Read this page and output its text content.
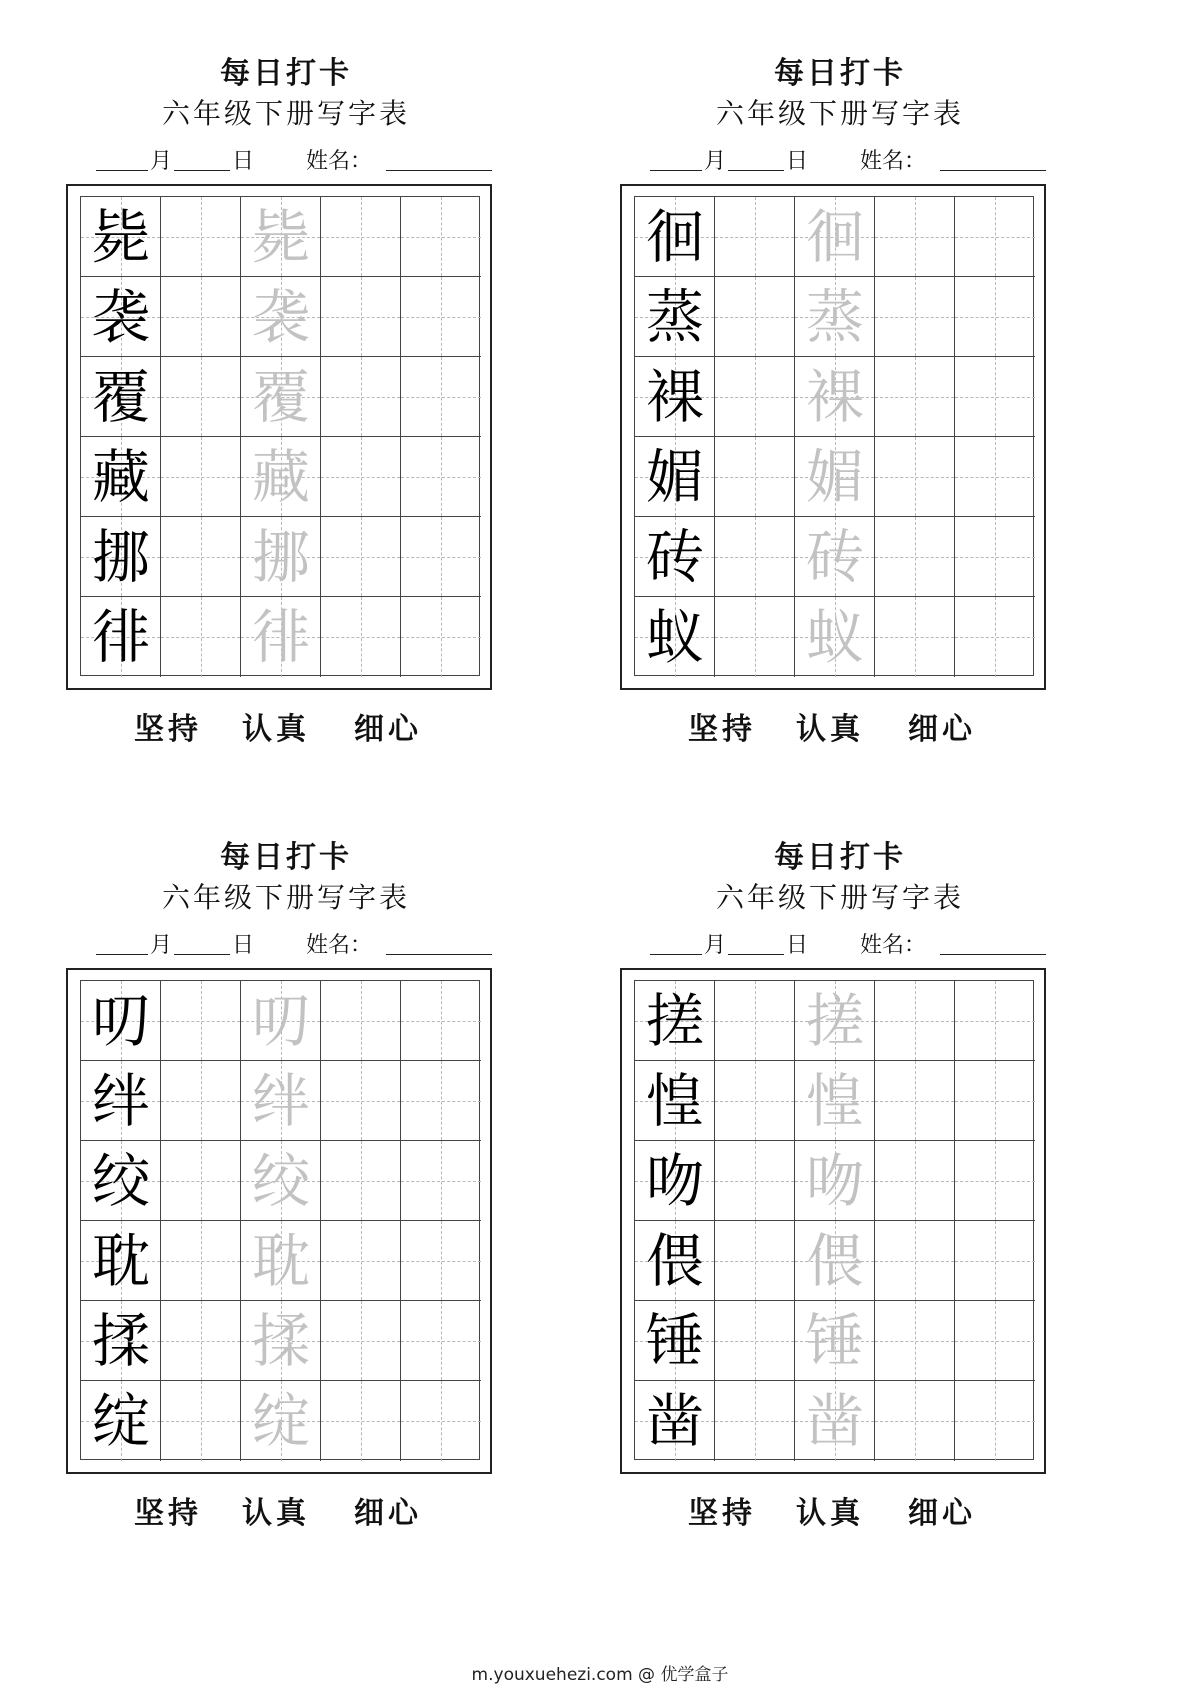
每日打卡
六年级下册写字表
月	日 姓名：
毙 毙
袭 袭
覆 覆
藏 藏
挪 挪
徘 徘
坚持 认真 细心
每日打卡
六年级下册写字表
月	日 姓名：
徊 徊
蒸 蒸
裸 裸
媚 媚
砖 砖
蚁 蚁
坚持 认真 细心
每日打卡
六年级下册写字表
月	日 姓名：
叨 叨
绊 绊
绞 绞
耽 耽
揉 揉
绽 绽
坚持 认真 细心
每日打卡
六年级下册写字表
月	日 姓名：
搓 搓
惶 惶
吻 吻
偎 偎
锤 锤
凿 凿
坚持 认真 细心
m.youxuehezi.com @ 优学盒子
